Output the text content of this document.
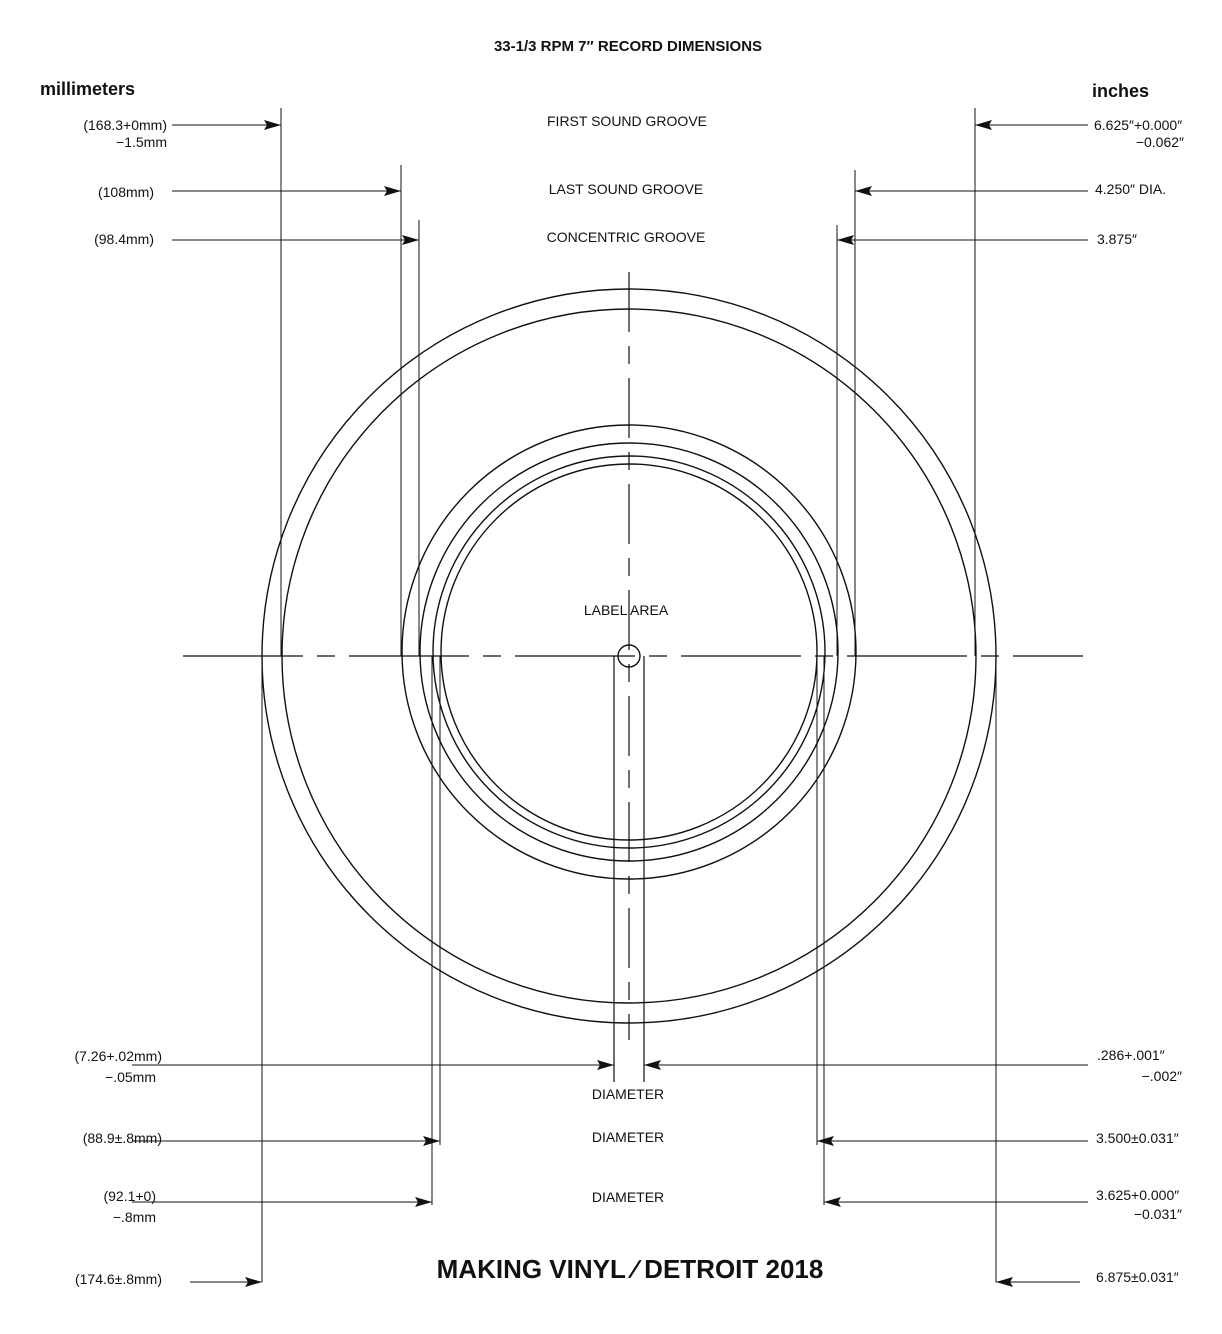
33-1/3 RPM 7″ RECORD DIMENSIONS
millimeters	inches
FIRST SOUND GROOVE
LAST SOUND GROOVE
CONCENTRIC GROOVE
LABEL AREA
(168.3+0mm)
−1.5mm
(108mm)
(98.4mm)
(7.26+.02mm)
−.05mm
(88.9±.8mm)
(92.1+0)
−.8mm
(174.6±.8mm)
6.625″+0.000″
−0.062″
4.250″ DIA.
3.875″
.286+.001″
−.002″
3.500±0.031″
3.625+0.000″
−0.031″
6.875±0.031″
DIAMETER
DIAMETER
DIAMETER
MAKING VINYL ∕ DETROIT 2018
